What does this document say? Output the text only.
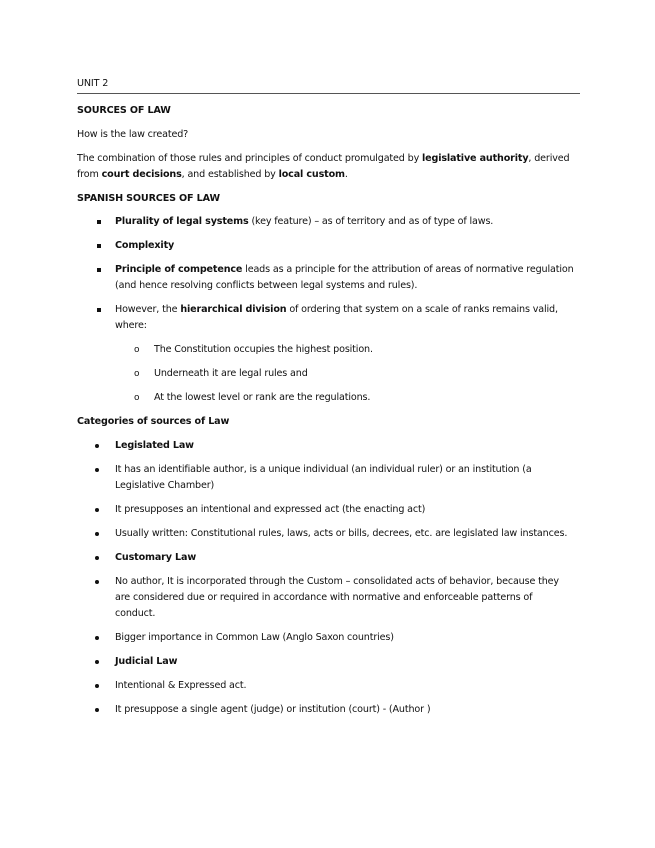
UNIT 2
SOURCES OF LAW
How is the law created?
The combination of those rules and principles of conduct promulgated by legislative authority, derived
from court decisions, and established by local custom.
SPANISH SOURCES OF LAW
Plurality of legal systems (key feature) – as of territory and as of type of laws.
Complexity
Principle of competence leads as a principle for the attribution of areas of normative regulation
(and hence resolving conflicts between legal systems and rules).
However, the hierarchical division of ordering that system on a scale of ranks remains valid,
where:
o The Constitution occupies the highest position.
o Underneath it are legal rules and
o At the lowest level or rank are the regulations.
Categories of sources of Law
Legislated Law
It has an identifiable author, is a unique individual (an individual ruler) or an institution (a
Legislative Chamber)
It presupposes an intentional and expressed act (the enacting act)
Usually written: Constitutional rules, laws, acts or bills, decrees, etc. are legislated law instances.
Customary Law
No author, It is incorporated through the Custom – consolidated acts of behavior, because they
are considered due or required in accordance with normative and enforceable patterns of
conduct.
Bigger importance in Common Law (Anglo Saxon countries)
Judicial Law
Intentional & Expressed act.
It presuppose a single agent (judge) or institution (court) - (Author )
